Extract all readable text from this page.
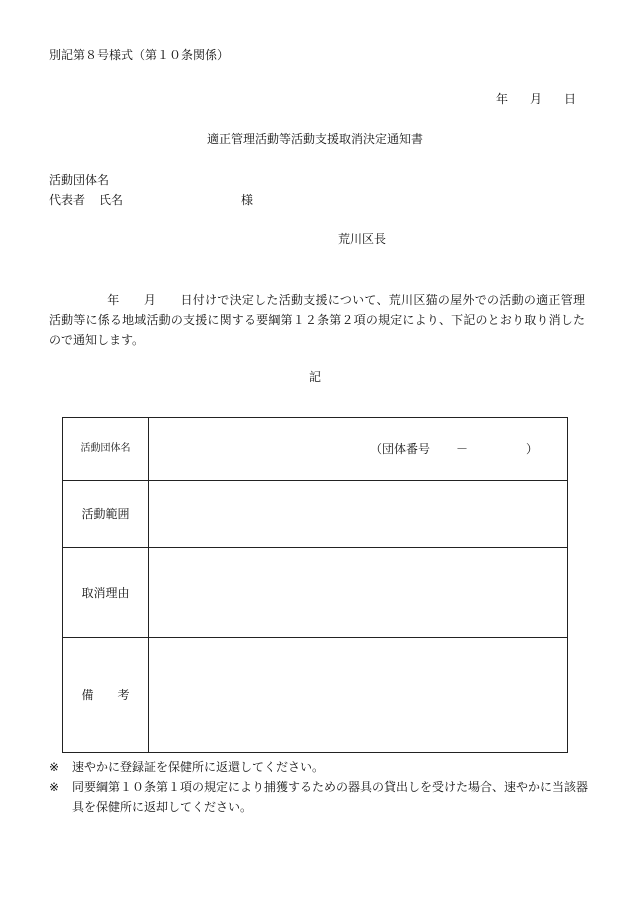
別記第８号様式（第１０条関係）
年 月 日
適正管理活動等活動支援取消決定通知書
活動団体名
代表者 氏名	様
荒川区長
年 月 日付けで決定した活動支援について、荒川区猫の屋外での活動の適正管理活動等に係る地域活動の支援に関する要綱第１２条第２項の規定により、下記のとおり取り消したので通知します。
記
活動団体名	（団体番号 － ）

活動範囲	
取消理由	
備　　考	
※	速やかに登録証を保健所に返還してください。
※	同要綱第１０条第１項の規定により捕獲するための器具の貸出しを受けた場合、速やかに当該器具を保健所に返却してください。
